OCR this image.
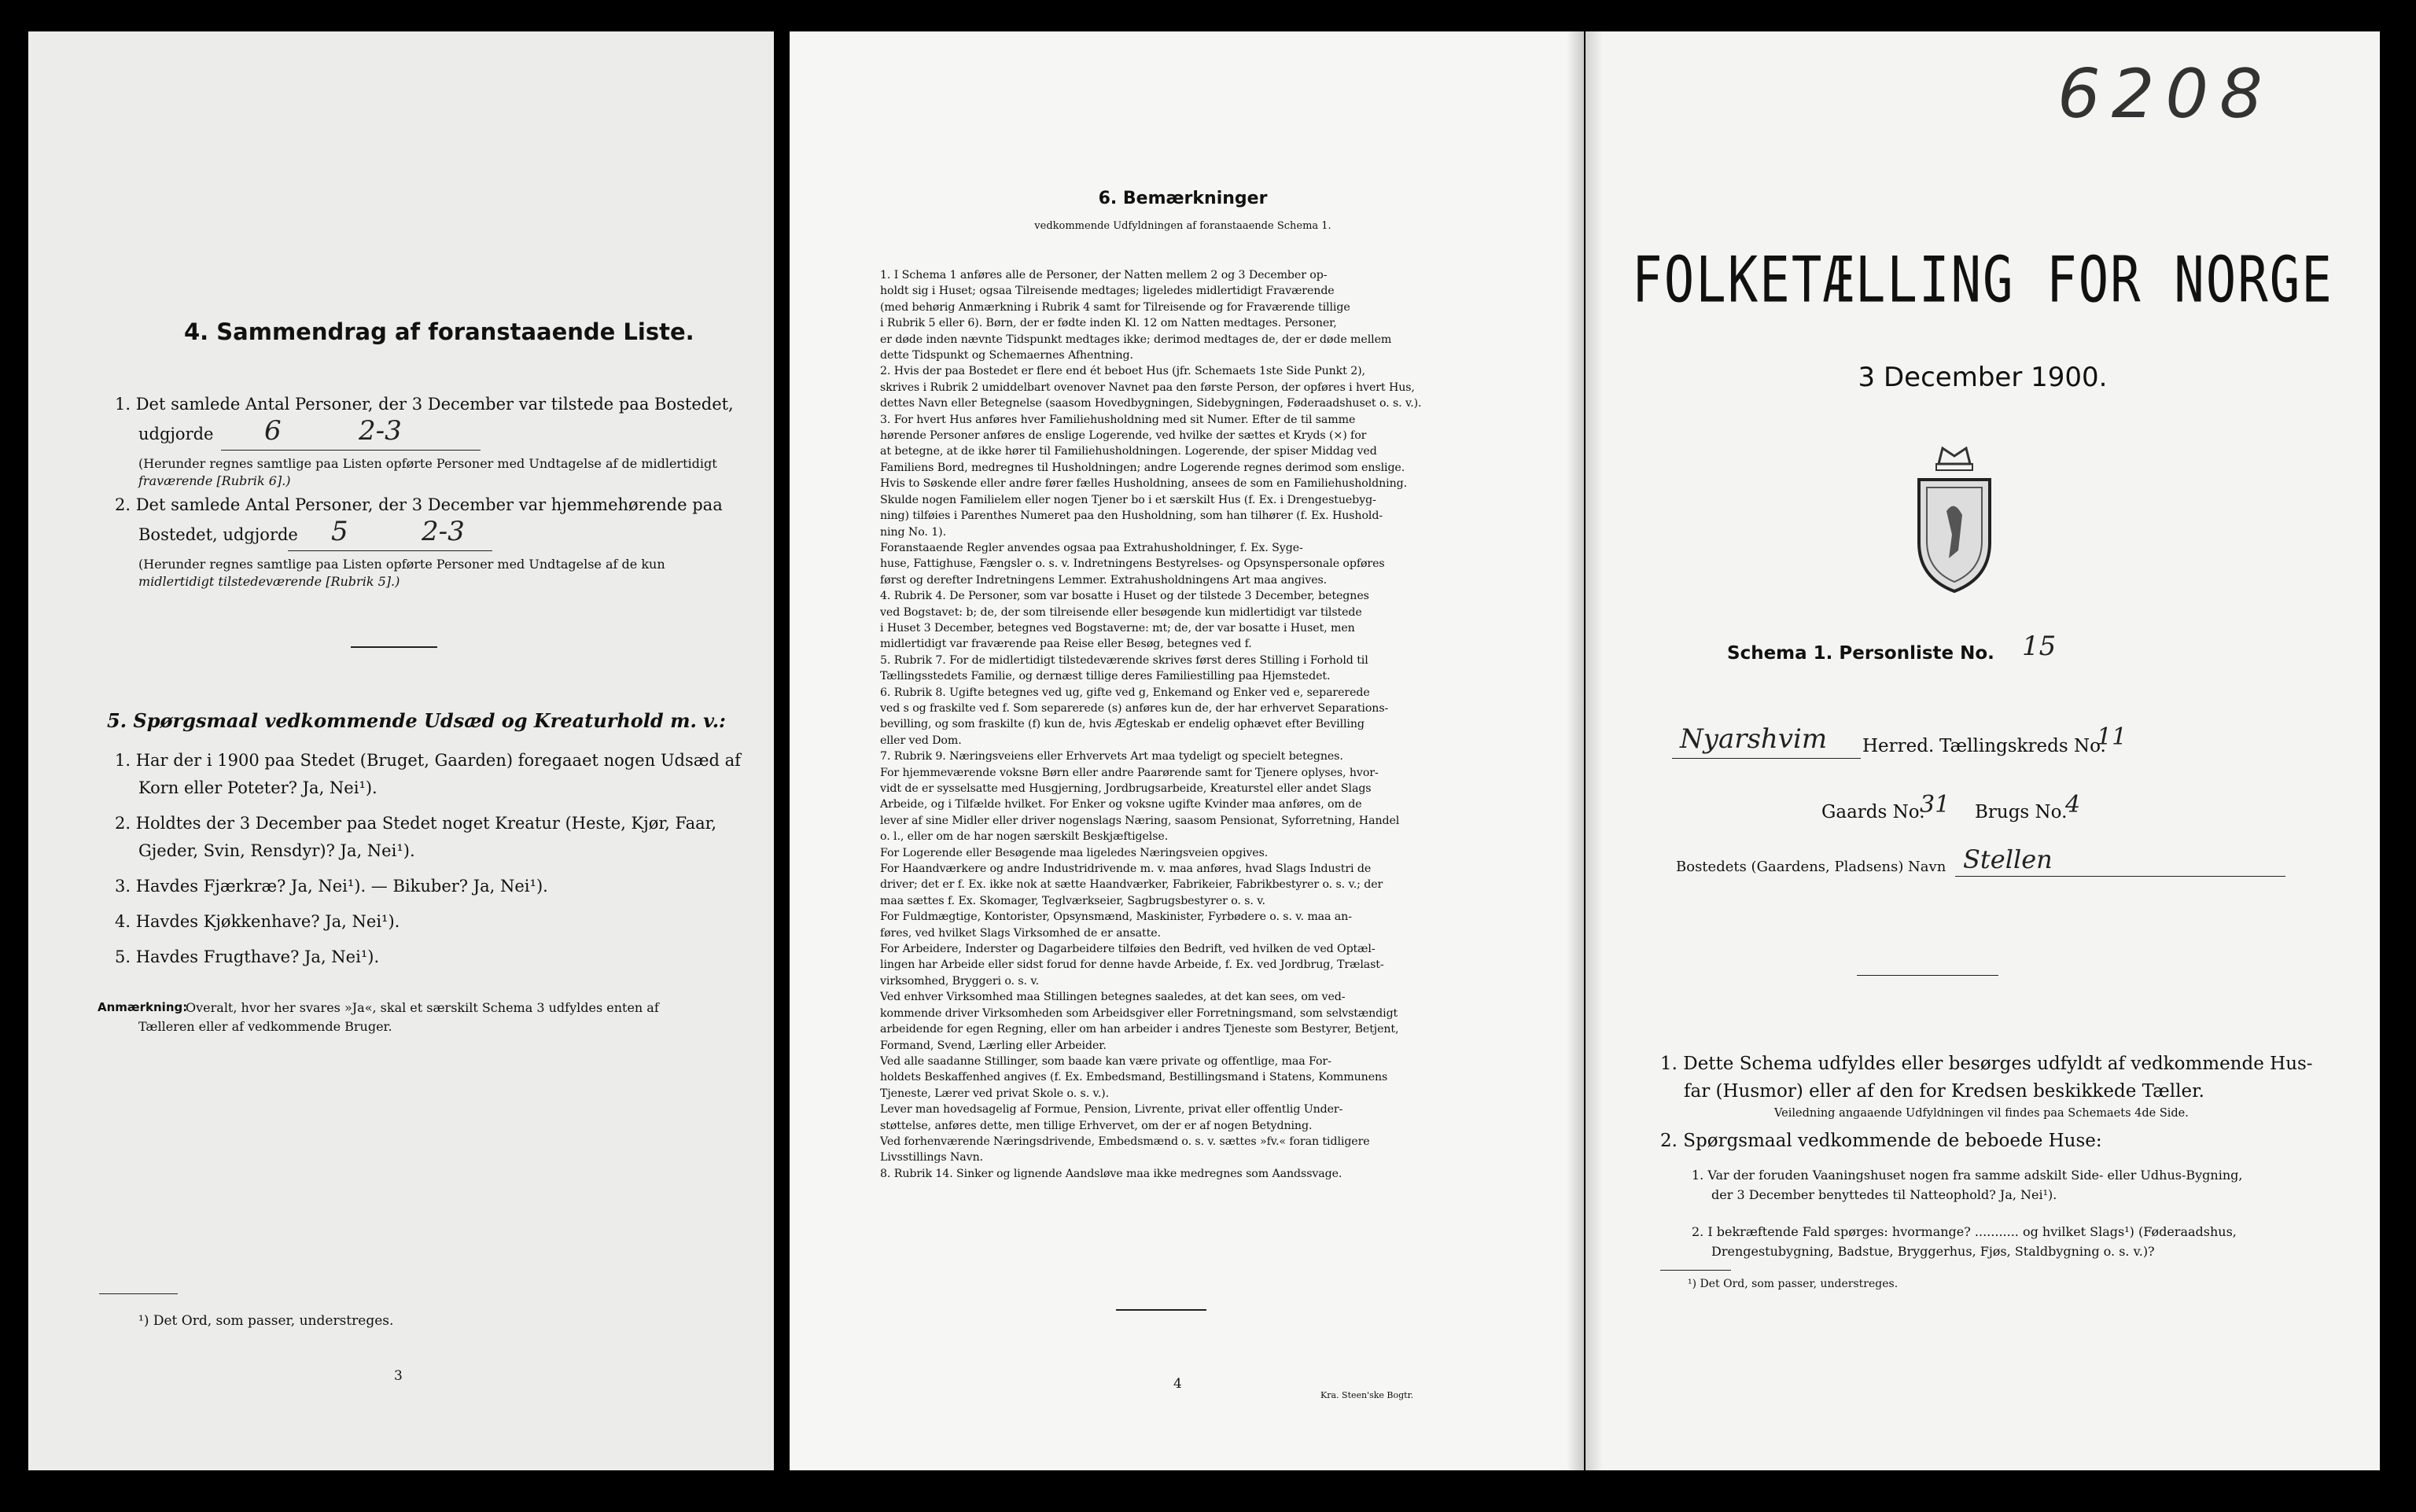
4. Sammendrag af foranstaaende Liste.
1. Det samlede Antal Personer, der 3 December var tilstede paa Bostedet,
udgjorde 6	2-3
(Herunder regnes samtlige paa Listen opførte Personer med Undtagelse af de midlertidigt
fraværende [Rubrik 6].)
2. Det samlede Antal Personer, der 3 December var hjemmehørende paa
Bostedet, udgjorde 5	2-3
(Herunder regnes samtlige paa Listen opførte Personer med Undtagelse af de kun
midlertidigt tilstedeværende [Rubrik 5].)
5. Spørgsmaal vedkommende Udsæd og Kreaturhold m. v.:
1. Har der i 1900 paa Stedet (Bruget, Gaarden) foregaaet nogen Udsæd af
Korn eller Poteter? Ja, Nei¹).
2. Holdtes der 3 December paa Stedet noget Kreatur (Heste, Kjør, Faar,
Gjeder, Svin, Rensdyr)? Ja, Nei¹).
3. Havdes Fjærkræ? Ja, Nei¹). — Bikuber? Ja, Nei¹).
4. Havdes Kjøkkenhave? Ja, Nei¹).
5. Havdes Frugthave? Ja, Nei¹).
Anmærkning:
Overalt, hvor her svares »Ja«, skal et særskilt Schema 3 udfyldes enten af
Tælleren eller af vedkommende Bruger.
¹) Det Ord, som passer, understreges.
3
6. Bemærkninger
vedkommende Udfyldningen af foranstaaende Schema 1.
1. I Schema 1 anføres alle de Personer, der Natten mellem 2 og 3 December op-
holdt sig i Huset; ogsaa Tilreisende medtages; ligeledes midlertidigt Fraværende
(med behørig Anmærkning i Rubrik 4 samt for Tilreisende og for Fraværende tillige
i Rubrik 5 eller 6). Børn, der er fødte inden Kl. 12 om Natten medtages. Personer,
er døde inden nævnte Tidspunkt medtages ikke; derimod medtages de, der er døde mellem
dette Tidspunkt og Schemaernes Afhentning.
2. Hvis der paa Bostedet er flere end ét beboet Hus (jfr. Schemaets 1ste Side Punkt 2),
skrives i Rubrik 2 umiddelbart ovenover Navnet paa den første Person, der opføres i hvert Hus,
dettes Navn eller Betegnelse (saasom Hovedbygningen, Sidebygningen, Føderaadshuset o. s. v.).
3. For hvert Hus anføres hver Familiehusholdning med sit Numer. Efter de til samme
hørende Personer anføres de enslige Logerende, ved hvilke der sættes et Kryds (×) for
at betegne, at de ikke hører til Familiehusholdningen. Logerende, der spiser Middag ved
Familiens Bord, medregnes til Husholdningen; andre Logerende regnes derimod som enslige.
Hvis to Søskende eller andre fører fælles Husholdning, ansees de som en Familiehusholdning.
Skulde nogen Familielem eller nogen Tjener bo i et særskilt Hus (f. Ex. i Drengestuebyg-
ning) tilføies i Parenthes Numeret paa den Husholdning, som han tilhører (f. Ex. Hushold-
ning No. 1).
Foranstaaende Regler anvendes ogsaa paa Extrahusholdninger, f. Ex. Syge-
huse, Fattighuse, Fængsler o. s. v. Indretningens Bestyrelses- og Opsynspersonale opføres
først og derefter Indretningens Lemmer. Extrahusholdningens Art maa angives.
4. Rubrik 4. De Personer, som var bosatte i Huset og der tilstede 3 December, betegnes
ved Bogstavet: b; de, der som tilreisende eller besøgende kun midlertidigt var tilstede
i Huset 3 December, betegnes ved Bogstaverne: mt; de, der var bosatte i Huset, men
midlertidigt var fraværende paa Reise eller Besøg, betegnes ved f.
5. Rubrik 7. For de midlertidigt tilstedeværende skrives først deres Stilling i Forhold til
Tællingsstedets Familie, og dernæst tillige deres Familiestilling paa Hjemstedet.
6. Rubrik 8. Ugifte betegnes ved ug, gifte ved g, Enkemand og Enker ved e, separerede
ved s og fraskilte ved f. Som separerede (s) anføres kun de, der har erhvervet Separations-
bevilling, og som fraskilte (f) kun de, hvis Ægteskab er endelig ophævet efter Bevilling
eller ved Dom.
7. Rubrik 9. Næringsveiens eller Erhvervets Art maa tydeligt og specielt betegnes.
For hjemmeværende voksne Børn eller andre Paarørende samt for Tjenere oplyses, hvor-
vidt de er sysselsatte med Husgjerning, Jordbrugsarbeide, Kreaturstel eller andet Slags
Arbeide, og i Tilfælde hvilket. For Enker og voksne ugifte Kvinder maa anføres, om de
lever af sine Midler eller driver nogenslags Næring, saasom Pensionat, Syforretning, Handel
o. l., eller om de har nogen særskilt Beskjæftigelse.
For Logerende eller Besøgende maa ligeledes Næringsveien opgives.
For Haandværkere og andre Industridrivende m. v. maa anføres, hvad Slags Industri de
driver; det er f. Ex. ikke nok at sætte Haandværker, Fabrikeier, Fabrikbestyrer o. s. v.; der
maa sættes f. Ex. Skomager, Teglværkseier, Sagbrugsbestyrer o. s. v.
For Fuldmægtige, Kontorister, Opsynsmænd, Maskinister, Fyrbødere o. s. v. maa an-
føres, ved hvilket Slags Virksomhed de er ansatte.
For Arbeidere, Inderster og Dagarbeidere tilføies den Bedrift, ved hvilken de ved Optæl-
lingen har Arbeide eller sidst forud for denne havde Arbeide, f. Ex. ved Jordbrug, Trælast-
virksomhed, Bryggeri o. s. v.
Ved enhver Virksomhed maa Stillingen betegnes saaledes, at det kan sees, om ved-
kommende driver Virksomheden som Arbeidsgiver eller Forretningsmand, som selvstændigt
arbeidende for egen Regning, eller om han arbeider i andres Tjeneste som Bestyrer, Betjent,
Formand, Svend, Lærling eller Arbeider.
Ved alle saadanne Stillinger, som baade kan være private og offentlige, maa For-
holdets Beskaffenhed angives (f. Ex. Embedsmand, Bestillingsmand i Statens, Kommunens
Tjeneste, Lærer ved privat Skole o. s. v.).
Lever man hovedsagelig af Formue, Pension, Livrente, privat eller offentlig Under-
støttelse, anføres dette, men tillige Erhvervet, om der er af nogen Betydning.
Ved forhenværende Næringsdrivende, Embedsmænd o. s. v. sættes »fv.« foran tidligere
Livsstillings Navn.
8. Rubrik 14. Sinker og lignende Aandsløve maa ikke medregnes som Aandssvage.
4
Kra. Steen'ske Bogtr.
6208
FOLKETÆLLING FOR NORGE
3 December 1900.
Schema 1. Personliste No. 15
Nyarshvim Herred. Tællingskreds No.
11
Gaards No.
31 Brugs No.
4
Bostedets (Gaardens, Pladsens) Navn Stellen
1. Dette Schema udfyldes eller besørges udfyldt af vedkommende Hus-
far (Husmor) eller af den for Kredsen beskikkede Tæller.
Veiledning angaaende Udfyldningen vil findes paa Schemaets 4de Side.
2. Spørgsmaal vedkommende de beboede Huse:
1. Var der foruden Vaaningshuset nogen fra samme adskilt Side- eller Udhus-Bygning,
der 3 December benyttedes til Natteophold? Ja, Nei¹).
2. I bekræftende Fald spørges: hvormange? ........... og hvilket Slags¹) (Føderaadshus,
Drengestubygning, Badstue, Bryggerhus, Fjøs, Staldbygning o. s. v.)?
¹) Det Ord, som passer, understreges.
